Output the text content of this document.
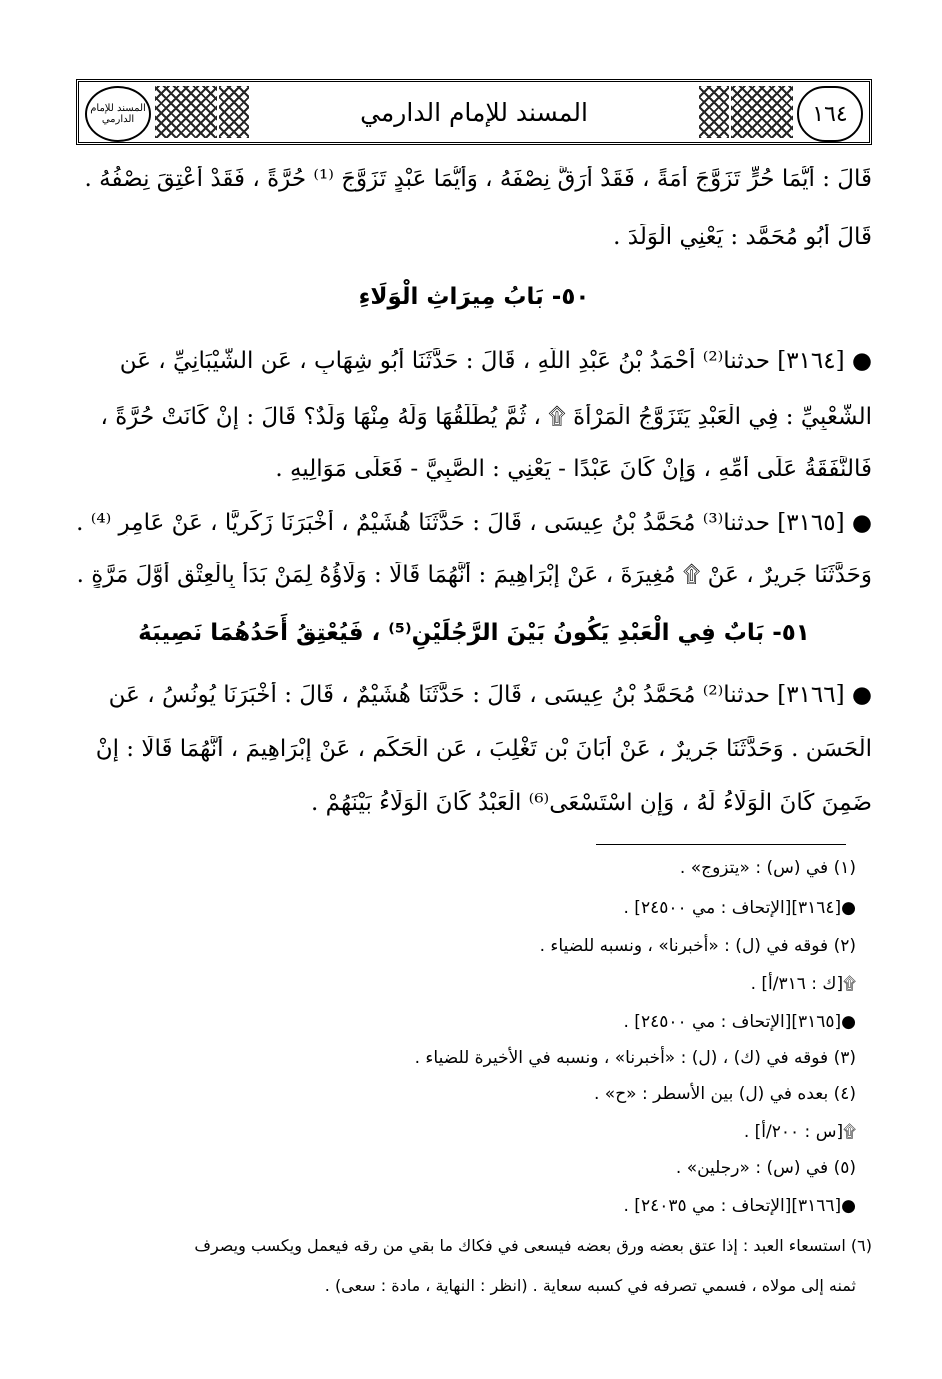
المسند للإمام الدارمي	المسند للإمام الدارمي	١٦٤
قَالَ : أَيُّمَا حُرٍّ تَزَوَّجَ أَمَةً ، فَقَدْ أَرَقَّ نِصْفَهُ ، وَأَيُّمَا عَبْدٍ تَزَوَّجَ ⁽¹⁾ حُرَّةً ، فَقَدْ أُعْتِقَ نِصْفُهُ .
قَالَ أَبُو مُحَمَّد : يَعْنِي الْوَلَدَ .
٥٠- بَابُ مِيرَاثِ الْوَلَاءِ
● [٣١٦٤] حدثنا⁽²⁾ أَحْمَدُ بْنُ عَبْدِ اللَّهِ ، قَالَ : حَدَّثَنَا أَبُو شِهَابٍ ، عَنِ الشَّيْبَانِيِّ ، عَنِ
الشَّعْبِيِّ : فِي الْعَبْدِ يَتَزَوَّجُ الْمَرْأَةَ ۩ ، ثُمَّ يُطَلِّقُهَا وَلَهُ مِنْهَا وَلَدٌ؟ قَالَ : إِنْ كَانَتْ حُرَّةً ،
فَالنَّفَقَةُ عَلَى أُمِّهِ ، وَإِنْ كَانَ عَبْدًا - يَعْنِي : الصَّبِيَّ - فَعَلَى مَوَالِيهِ .
● [٣١٦٥] حدثنا⁽³⁾ مُحَمَّدُ بْنُ عِيسَى ، قَالَ : حَدَّثَنَا هُشَيْمٌ ، أَخْبَرَنَا زَكَرِيَّا ، عَنْ عَامِرٍ ⁽⁴⁾ .
وَحَدَّثَنَا جَرِيرٌ ، عَنْ ۩ مُغِيرَةَ ، عَنْ إِبْرَاهِيمَ : أَنَّهُمَا قَالَا : وَلَاؤُهُ لِمَنْ بَدَأَ بِالْعِتْقِ أَوَّلَ مَرَّةٍ .
٥١- بَابٌ فِي الْعَبْدِ يَكُونُ بَيْنَ الرَّجُلَيْنِ⁽⁵⁾ ، فَيُعْتِقُ أَحَدُهُمَا نَصِيبَهُ
● [٣١٦٦] حدثنا⁽²⁾ مُحَمَّدُ بْنُ عِيسَى ، قَالَ : حَدَّثَنَا هُشَيْمٌ ، قَالَ : أَخْبَرَنَا يُونُسُ ، عَنِ
الْحَسَنِ . وَحَدَّثَنَا جَرِيرٌ ، عَنْ أَبَانَ بْنِ تَغْلِبَ ، عَنِ الْحَكَمِ ، عَنْ إِبْرَاهِيمَ ، أَنَّهُمَا قَالَا : إِنْ
ضَمِنَ كَانَ الْوَلَاءُ لَهُ ، وَإِنِ اسْتَسْعَى⁽⁶⁾ الْعَبْدُ كَانَ الْوَلَاءُ بَيْنَهُمْ .
(١) في (س) : «يتزوج» .
●[٣١٦٤][الإتحاف : مي ٢٤٥٠٠] .
(٢) فوقه في (ل) : «أخبرنا» ، ونسبه للضياء .
۩[ك : ٣١٦/أ] .
●[٣١٦٥][الإتحاف : مي ٢٤٥٠٠] .
(٣) فوقه في (ك) ، (ل) : «أخبرنا» ، ونسبه في الأخيرة للضياء .
(٤) بعده في (ل) بين الأسطر : «ح» .
۩[س : ٢٠٠/أ] .
(٥) في (س) : «رجلين» .
●[٣١٦٦][الإتحاف : مي ٢٤٠٣٥] .
(٦) استسعاء العبد : إذا عتق بعضه ورق بعضه فيسعى في فكاك ما بقي من رقه فيعمل ويكسب ويصرف
ثمنه إلى مولاه ، فسمي تصرفه في كسبه سعاية . (انظر : النهاية ، مادة : سعى) .
